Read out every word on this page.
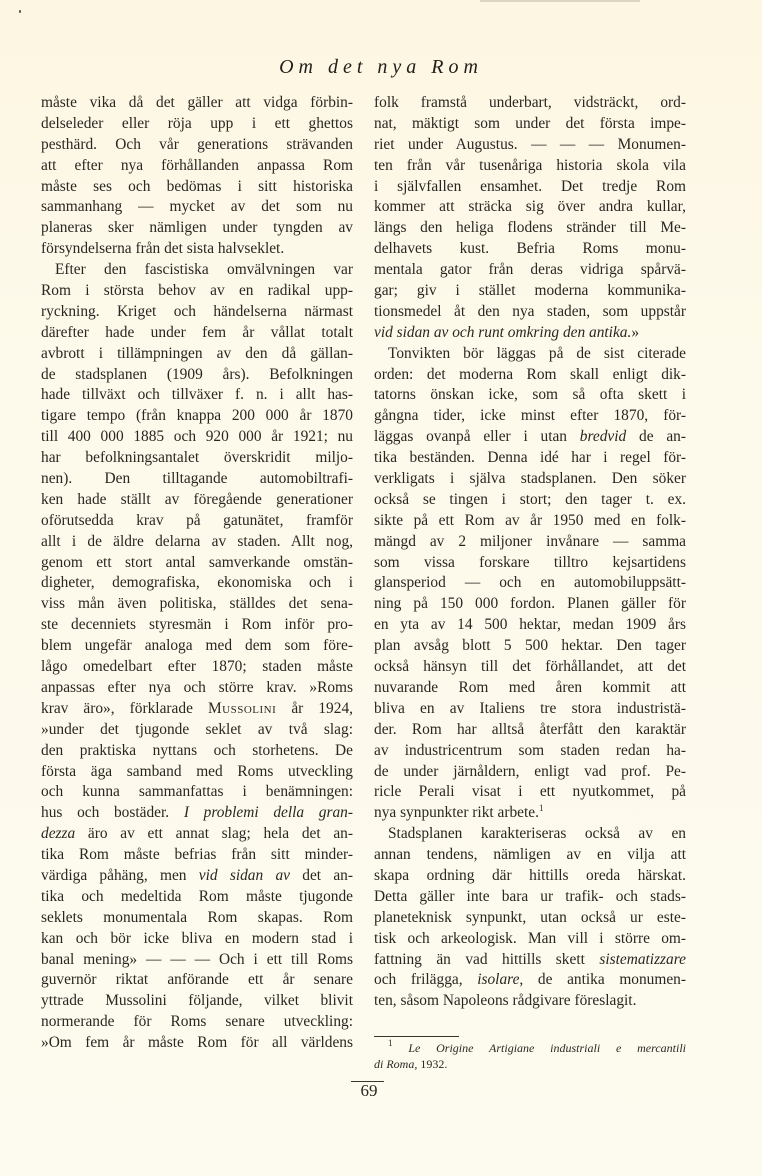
Om det nya Rom
måste vika då det gäller att vidga förbin-
delseleder eller röja upp i ett ghettos
pesthärd. Och vår generations strävanden
att efter nya förhållanden anpassa Rom
måste ses och bedömas i sitt historiska
sammanhang — mycket av det som nu
planeras sker nämligen under tyngden av
försyndelserna från det sista halvseklet.
Efter den fascistiska omvälvningen var
Rom i största behov av en radikal upp-
ryckning. Kriget och händelserna närmast
därefter hade under fem år vållat totalt
avbrott i tillämpningen av den då gällan-
de stadsplanen (1909 års). Befolkningen
hade tillväxt och tillväxer f. n. i allt has-
tigare tempo (från knappa 200 000 år 1870
till 400 000 1885 och 920 000 år 1921; nu
har befolkningsantalet överskridit miljo-
nen). Den tilltagande automobiltrafi-
ken hade ställt av föregående generationer
oförutsedda krav på gatunätet, framför
allt i de äldre delarna av staden. Allt nog,
genom ett stort antal samverkande omstän-
digheter, demografiska, ekonomiska och i
viss mån även politiska, ställdes det sena-
ste decenniets styresmän i Rom inför pro-
blem ungefär analoga med dem som före-
lågo omedelbart efter 1870; staden måste
anpassas efter nya och större krav. »Roms
krav äro», förklarade Mussolini år 1924,
»under det tjugonde seklet av två slag:
den praktiska nyttans och storhetens. De
första äga samband med Roms utveckling
och kunna sammanfattas i benämningen:
hus och bostäder. I problemi della gran-
dezza äro av ett annat slag; hela det an-
tika Rom måste befrias från sitt minder-
värdiga påhäng, men vid sidan av det an-
tika och medeltida Rom måste tjugonde
seklets monumentala Rom skapas. Rom
kan och bör icke bliva en modern stad i
banal mening» — — — Och i ett till Roms
guvernör riktat anförande ett år senare
yttrade Mussolini följande, vilket blivit
normerande för Roms senare utveckling:
»Om fem år måste Rom för all världens
folk framstå underbart, vidsträckt, ord-
nat, mäktigt som under det första impe-
riet under Augustus. — — — Monumen-
ten från vår tusenåriga historia skola vila
i självfallen ensamhet. Det tredje Rom
kommer att sträcka sig över andra kullar,
längs den heliga flodens stränder till Me-
delhavets kust. Befria Roms monu-
mentala gator från deras vidriga spårvä-
gar; giv i stället moderna kommunika-
tionsmedel åt den nya staden, som uppstår
vid sidan av och runt omkring den antika.»
Tonvikten bör läggas på de sist citerade
orden: det moderna Rom skall enligt dik-
tatorns önskan icke, som så ofta skett i
gångna tider, icke minst efter 1870, för-
läggas ovanpå eller i utan bredvid de an-
tika beständen. Denna idé har i regel för-
verkligats i själva stadsplanen. Den söker
också se tingen i stort; den tager t. ex.
sikte på ett Rom av år 1950 med en folk-
mängd av 2 miljoner invånare — samma
som vissa forskare tilltro kejsartidens
glansperiod — och en automobiluppsätt-
ning på 150 000 fordon. Planen gäller för
en yta av 14 500 hektar, medan 1909 års
plan avsåg blott 5 500 hektar. Den tager
också hänsyn till det förhållandet, att det
nuvarande Rom med åren kommit att
bliva en av Italiens tre stora industristä-
der. Rom har alltså återfått den karaktär
av industricentrum som staden redan ha-
de under järnåldern, enligt vad prof. Pe-
ricle Perali visat i ett nyutkommet, på
nya synpunkter rikt arbete.$^1$
Stadsplanen karakteriseras också av en
annan tendens, nämligen av en vilja att
skapa ordning där hittills oreda härskat.
Detta gäller inte bara ur trafik- och stads-
planeteknisk synpunkt, utan också ur este-
tisk och arkeologisk. Man vill i större om-
fattning än vad hittills skett sistematizzare
och frilägga, isolare, de antika monumen-
ten, såsom Napoleons rådgivare föreslagit.
$^1$ Le Origine Artigiane industriali e mercantili
di Roma, 1932.
69
